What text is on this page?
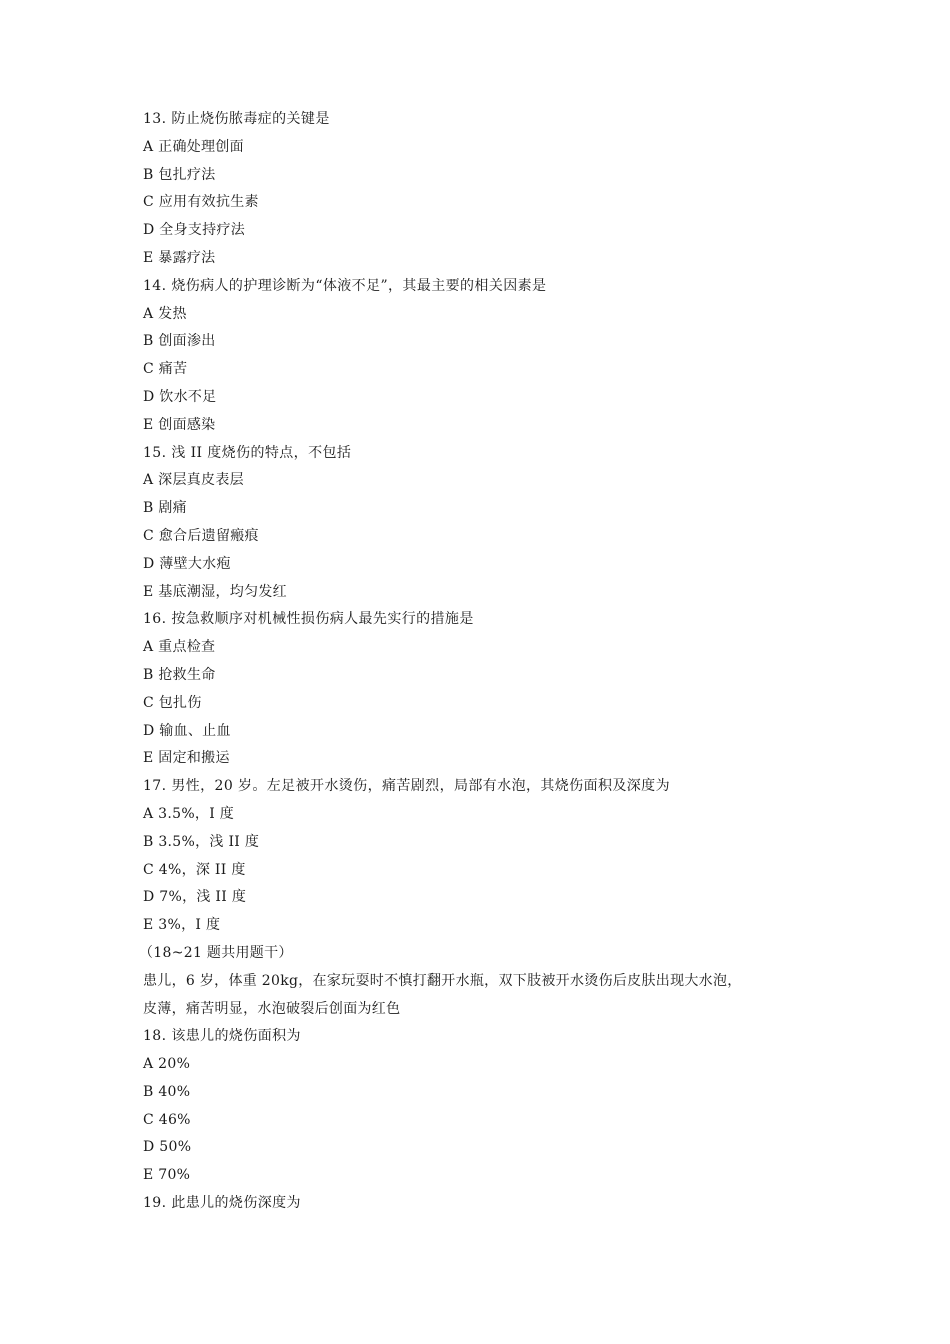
13. 防止烧伤脓毒症的关键是
A 正确处理创面
B 包扎疗法
C 应用有效抗生素
D 全身支持疗法
E 暴露疗法
14. 烧伤病人的护理诊断为“体液不足”，其最主要的相关因素是
A 发热
B 创面渗出
C 痛苦
D 饮水不足
E 创面感染
15. 浅 II 度烧伤的特点，不包括
A 深层真皮表层
B 剧痛
C 愈合后遗留瘢痕
D 薄壁大水疱
E 基底潮湿，均匀发红
16. 按急救顺序对机械性损伤病人最先实行的措施是
A 重点检查
B 抢救生命
C 包扎伤
D 输血、止血
E 固定和搬运
17. 男性，20 岁。左足被开水烫伤，痛苦剧烈，局部有水泡，其烧伤面积及深度为
A 3.5%，I 度
B 3.5%，浅 II 度
C 4%，深 II 度
D 7%，浅 II 度
E 3%，I 度
（18~21 题共用题干）
患儿，6 岁，体重 20kg，在家玩耍时不慎打翻开水瓶，双下肢被开水烫伤后皮肤出现大水泡，
皮薄，痛苦明显，水泡破裂后创面为红色
18. 该患儿的烧伤面积为
A 20%
B 40%
C 46%
D 50%
E 70%
19. 此患儿的烧伤深度为
